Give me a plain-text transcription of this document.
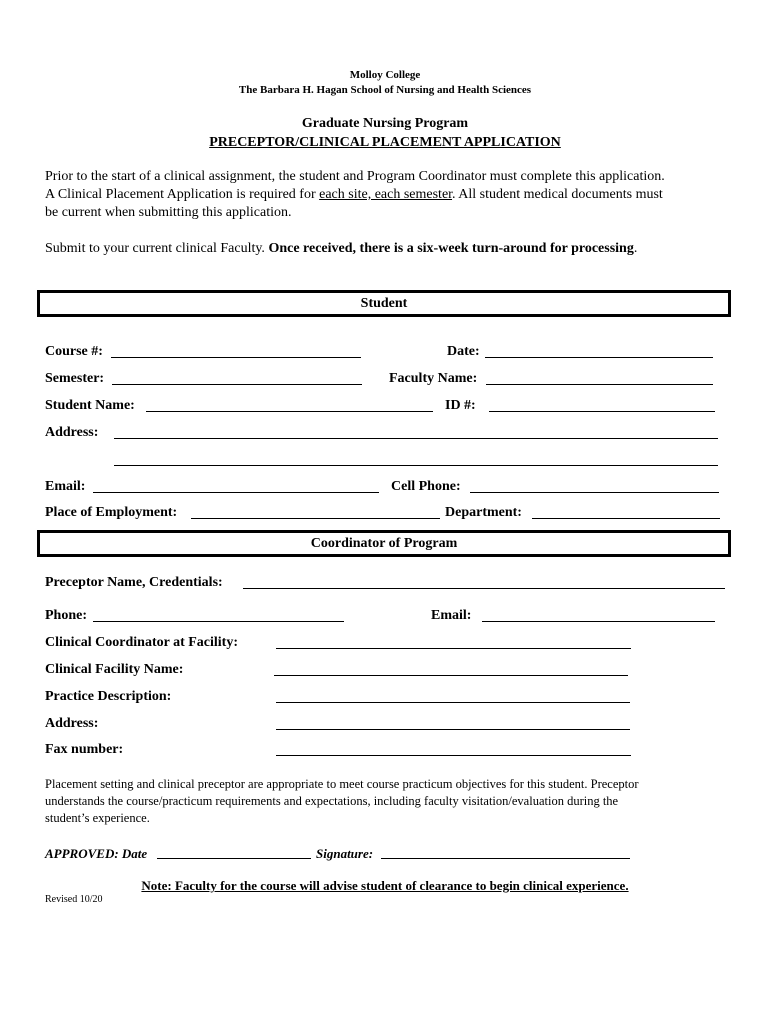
Molloy College
The Barbara H. Hagan School of Nursing and Health Sciences
Graduate Nursing Program
PRECEPTOR/CLINICAL PLACEMENT APPLICATION
Prior to the start of a clinical assignment, the student and Program Coordinator must complete this application.
A Clinical Placement Application is required for each site, each semester. All student medical documents must
be current when submitting this application.
Submit to your current clinical Faculty. Once received, there is a six-week turn-around for processing.
Student
Course #:	Date:
Semester:	Faculty Name:
Student Name:	ID #:
Address:
Email:	Cell Phone:
Place of Employment:	Department:
Coordinator of Program
Preceptor Name, Credentials:
Phone:	Email:
Clinical Coordinator at Facility:
Clinical Facility Name:
Practice Description:
Address:
Fax number:
Placement setting and clinical preceptor are appropriate to meet course practicum objectives for this student. Preceptor
understands the course/practicum requirements and expectations, including faculty visitation/evaluation during the
student’s experience.
APPROVED: Date	Signature:
Note: Faculty for the course will advise student of clearance to begin clinical experience.
Revised 10/20
